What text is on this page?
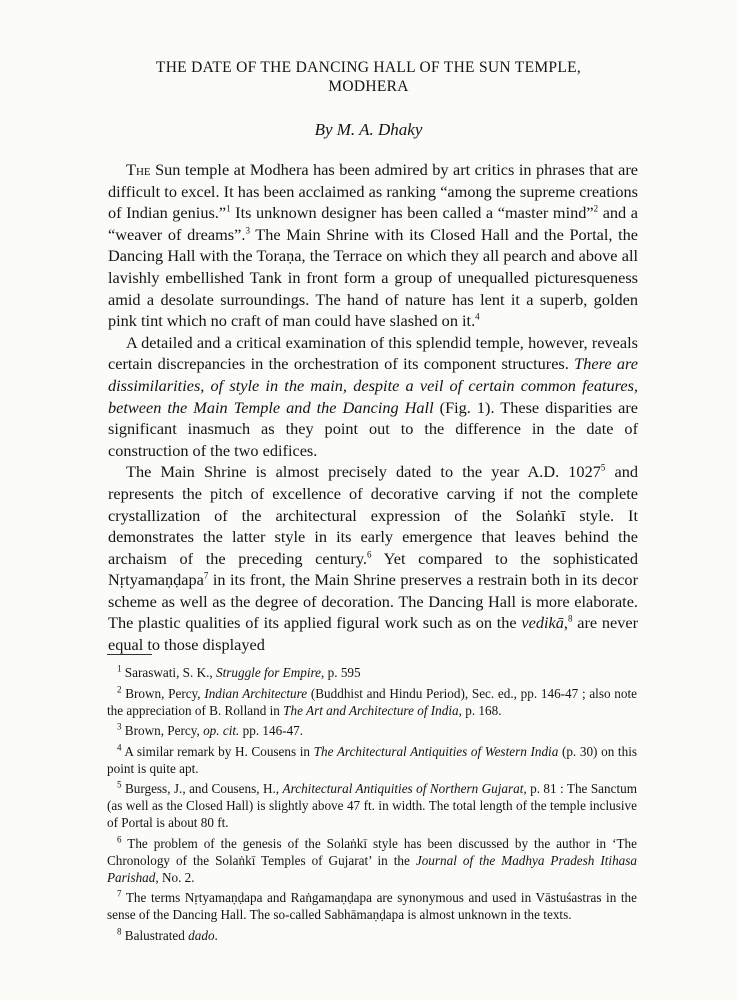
THE DATE OF THE DANCING HALL OF THE SUN TEMPLE,
MODHERA
By M. A. Dhaky

The Sun temple at Modhera has been admired by art critics in phrases that are difficult to excel. It has been acclaimed as ranking “among the supreme creations of Indian genius.”$^1$ Its unknown designer has been called a “master mind”$^2$ and a “weaver of dreams”.$^3$ The Main Shrine with its Closed Hall and the Portal, the Dancing Hall with the Toraṇa, the Terrace on which they all pearch and above all lavishly embellished Tank in front form a group of unequalled picturesqueness amid a desolate surroundings. The hand of nature has lent it a superb, golden pink tint which no craft of man could have slashed on it.$^4$

A detailed and a critical examination of this splendid temple, however, reveals certain discrepancies in the orchestration of its component structures. There are dissimilarities, of style in the main, despite a veil of certain common features, between the Main Temple and the Dancing Hall (Fig. 1). These disparities are significant inasmuch as they point out to the difference in the date of construction of the two edifices.

The Main Shrine is almost precisely dated to the year A.D. 1027$^5$ and represents the pitch of excellence of decorative carving if not the complete crystallization of the architectural expression of the Solaṅkī style. It demonstrates the latter style in its early emergence that leaves behind the archaism of the preceding century.$^6$ Yet compared to the sophisticated Nṛtyamaṇḍapa$^7$ in its front, the Main Shrine preserves a restrain both in its decor scheme as well as the degree of decoration. The Dancing Hall is more elaborate. The plastic qualities of its applied figural work such as on the vedikā,$^8$ are never equal to those displayed

$^1$ Saraswati, S. K., Struggle for Empire, p. 595

$^2$ Brown, Percy, Indian Architecture (Buddhist and Hindu Period), Sec. ed., pp. 146-47 ; also note the appreciation of B. Rolland in The Art and Architecture of India, p. 168.

$^3$ Brown, Percy, op. cit. pp. 146-47.

$^4$ A similar remark by H. Cousens in The Architectural Antiquities of Western India (p. 30) on this point is quite apt.

$^5$ Burgess, J., and Cousens, H., Architectural Antiquities of Northern Gujarat, p. 81 : The Sanctum (as well as the Closed Hall) is slightly above 47 ft. in width. The total length of the temple inclusive of Portal is about 80 ft.

$^6$ The problem of the genesis of the Solaṅkī style has been discussed by the author in ‘The Chronology of the Solaṅkī Temples of Gujarat’ in the Journal of the Madhya Pradesh Itihasa Parishad, No. 2.

$^7$ The terms Nṛtyamaṇḍapa and Raṅgamaṇḍapa are synonymous and used in Vāstuśastras in the sense of the Dancing Hall. The so-called Sabhāmaṇḍapa is almost unknown in the texts.

$^8$ Balustrated dado.
